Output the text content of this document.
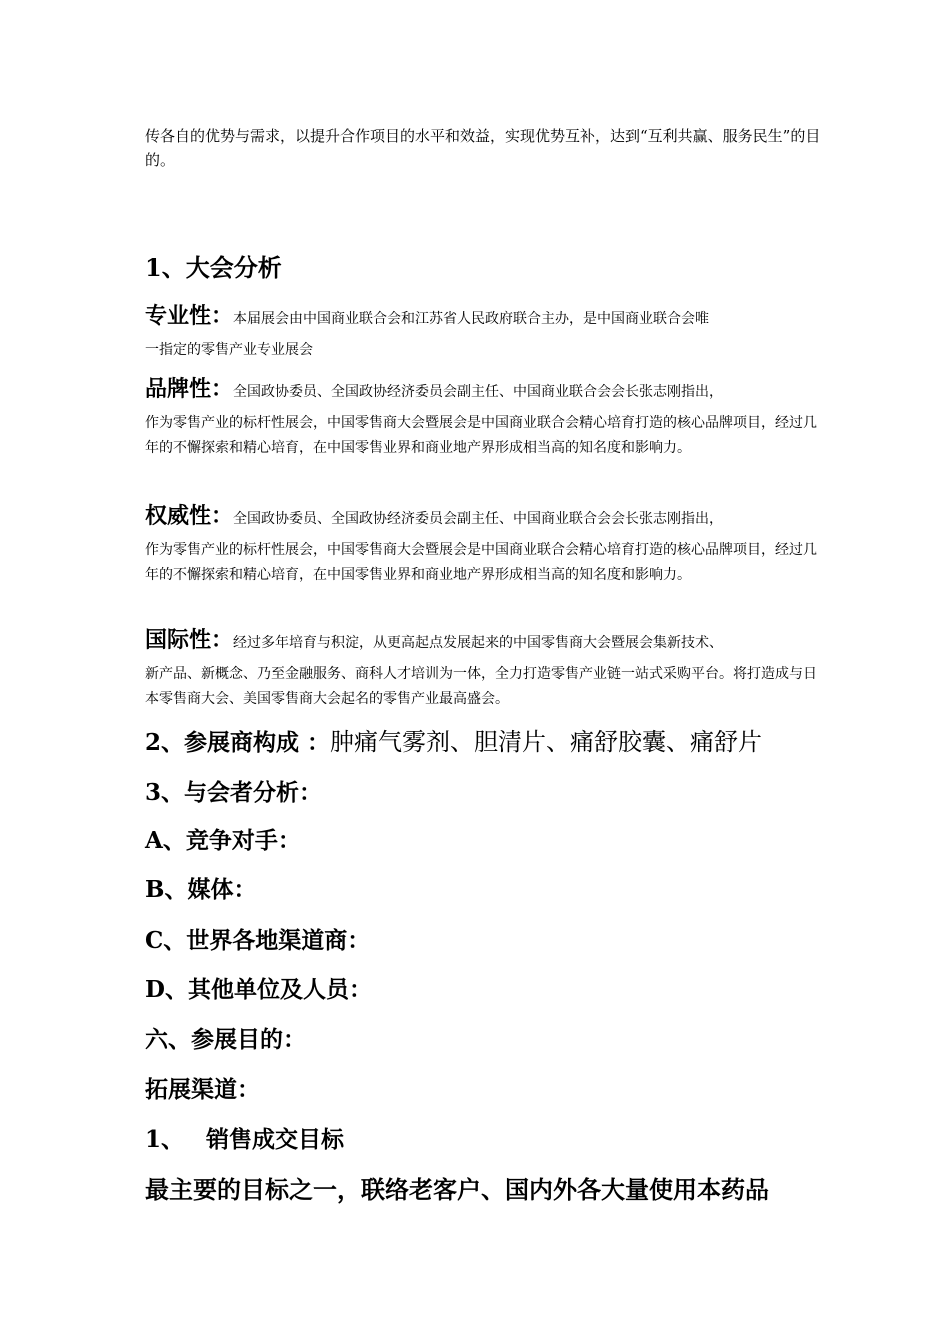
传各自的优势与需求，以提升合作项目的水平和效益，实现优势互补，达到“互利共赢、服务民生”的目的。

1、大会分析
专业性：本届展会由中国商业联合会和江苏省人民政府联合主办，是中国商业联合会唯
一指定的零售产业专业展会
品牌性：全国政协委员、全国政协经济委员会副主任、中国商业联合会会长张志刚指出，
作为零售产业的标杆性展会，中国零售商大会暨展会是中国商业联合会精心培育打造的核心品牌项目，经过几年的不懈探索和精心培育，在中国零售业界和商业地产界形成相当高的知名度和影响力。
权威性：全国政协委员、全国政协经济委员会副主任、中国商业联合会会长张志刚指出，
作为零售产业的标杆性展会，中国零售商大会暨展会是中国商业联合会精心培育打造的核心品牌项目，经过几年的不懈探索和精心培育，在中国零售业界和商业地产界形成相当高的知名度和影响力。
国际性：经过多年培育与积淀，从更高起点发展起来的中国零售商大会暨展会集新技术、
新产品、新概念、乃至金融服务、商科人才培训为一体，全力打造零售产业链一站式采购平台。将打造成与日本零售商大会、美国零售商大会起名的零售产业最高盛会。
2、参展商构成 ：肿痛气雾剂、胆清片、痛舒胶囊、痛舒片
3、与会者分析：
A、竞争对手：
B、媒体：
C、世界各地渠道商：
D、其他单位及人员：
六、参展目的：
拓展渠道：
1、 销售成交目标
最主要的目标之一，联络老客户、国内外各大量使用本药品
